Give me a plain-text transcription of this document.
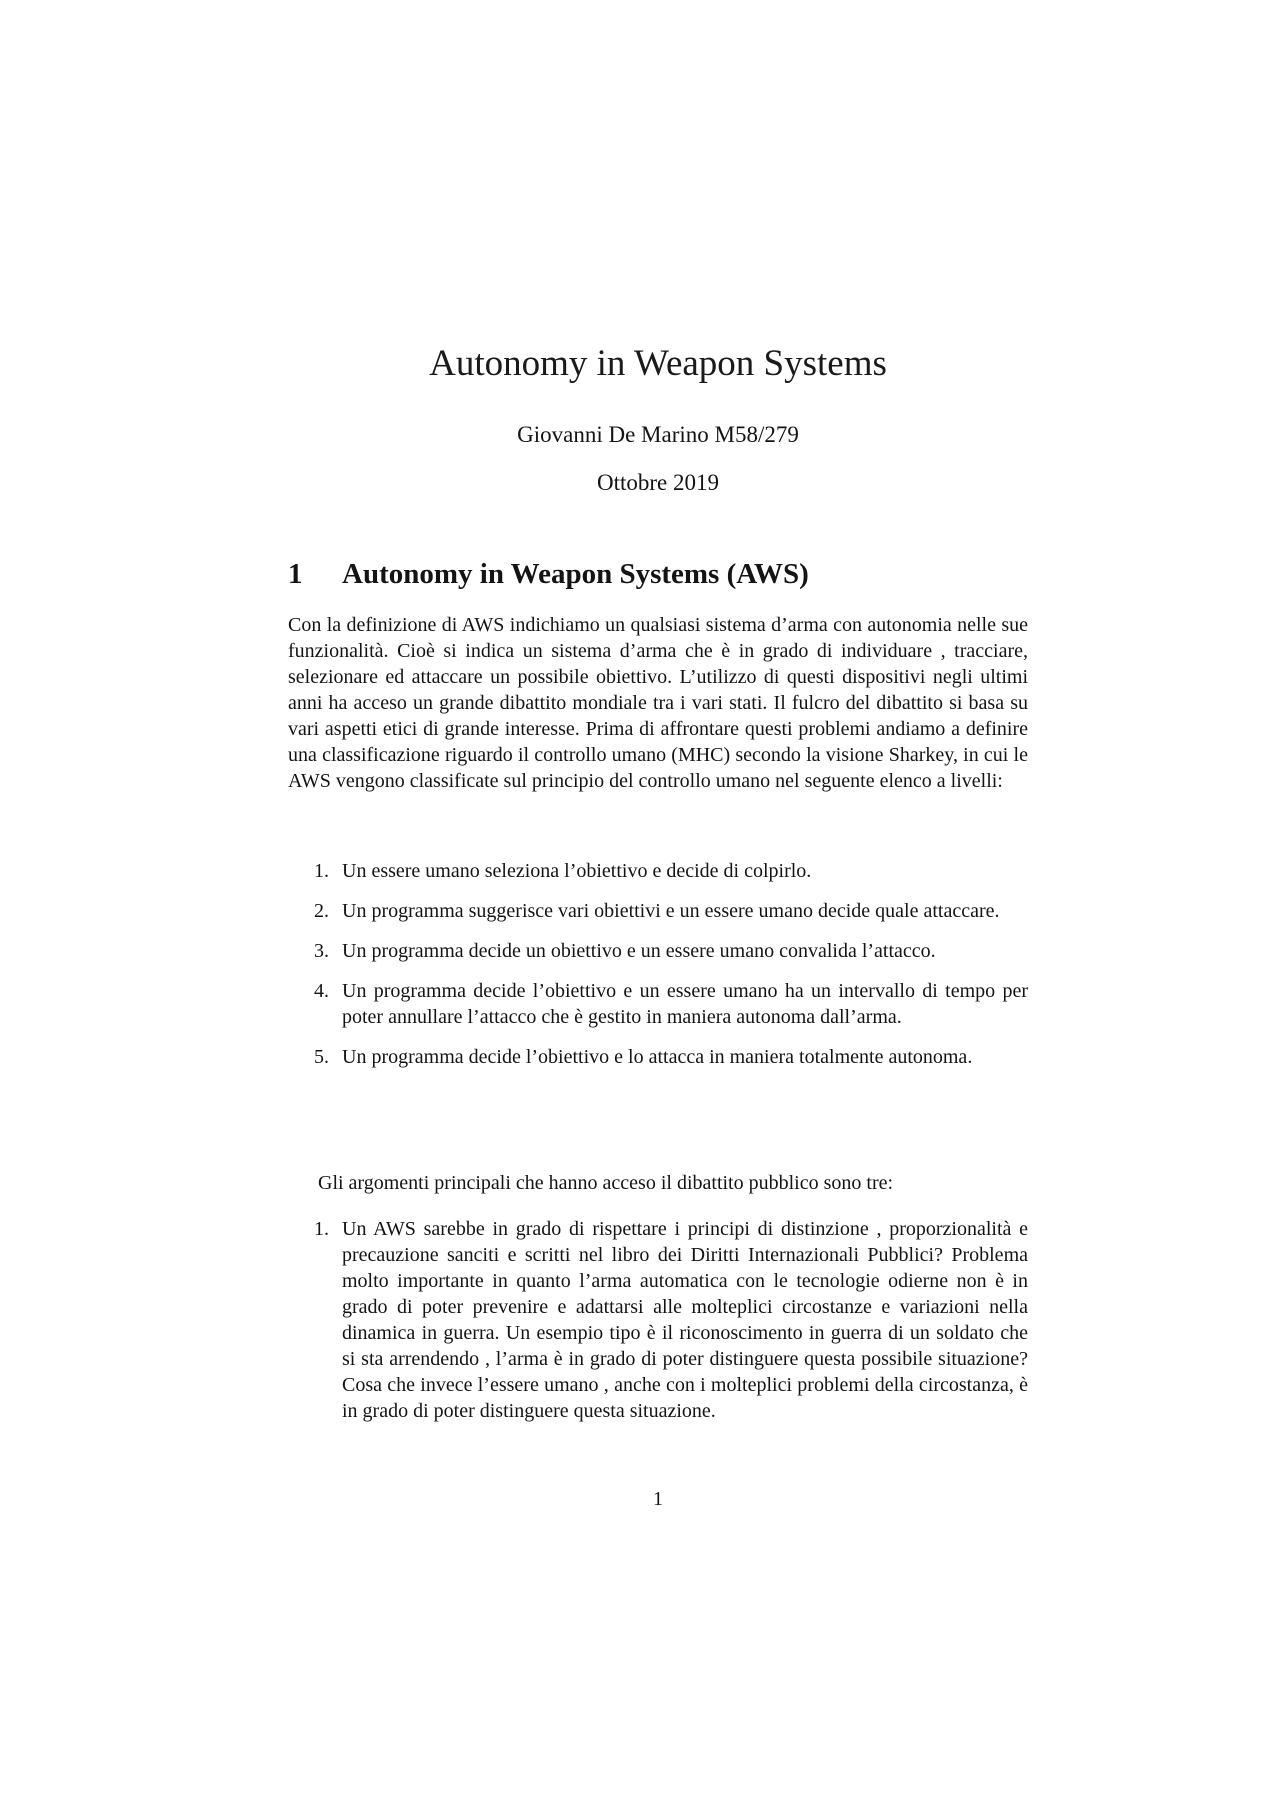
Autonomy in Weapon Systems
Giovanni De Marino M58/279
Ottobre 2019
1 Autonomy in Weapon Systems (AWS)

Con la definizione di AWS indichiamo un qualsiasi sistema d’arma con autonomia nelle sue funzionalità. Cioè si indica un sistema d’arma che è in grado di individuare , tracciare, selezionare ed attaccare un possibile obiettivo. L’utilizzo di questi dispositivi negli ultimi anni ha acceso un grande dibattito mondiale tra i vari stati. Il fulcro del dibattito si basa su vari aspetti etici di grande interesse. Prima di affrontare questi problemi andiamo a definire una classificazione riguardo il controllo umano (MHC) secondo la visione Sharkey, in cui le AWS vengono classificate sul principio del controllo umano nel seguente elenco a livelli:

1. Un essere umano seleziona l’obiettivo e decide di colpirlo.
2. Un programma suggerisce vari obiettivi e un essere umano decide quale attaccare.
3. Un programma decide un obiettivo e un essere umano convalida l’attacco.
4. Un programma decide l’obiettivo e un essere umano ha un intervallo di tempo per poter annullare l’attacco che è gestito in maniera autonoma dall’arma.
5. Un programma decide l’obiettivo e lo attacca in maniera totalmente autonoma.

Gli argomenti principali che hanno acceso il dibattito pubblico sono tre:

1. Un AWS sarebbe in grado di rispettare i principi di distinzione , proporzionalità e precauzione sanciti e scritti nel libro dei Diritti Internazionali Pubblici? Problema molto importante in quanto l’arma automatica con le tecnologie odierne non è in grado di poter prevenire e adattarsi alle molteplici circostanze e variazioni nella dinamica in guerra. Un esempio tipo è il riconoscimento in guerra di un soldato che si sta arrendendo , l’arma è in grado di poter distinguere questa possibile situazione? Cosa che invece l’essere umano , anche con i molteplici problemi della circostanza, è in grado di poter distinguere questa situazione.
1
